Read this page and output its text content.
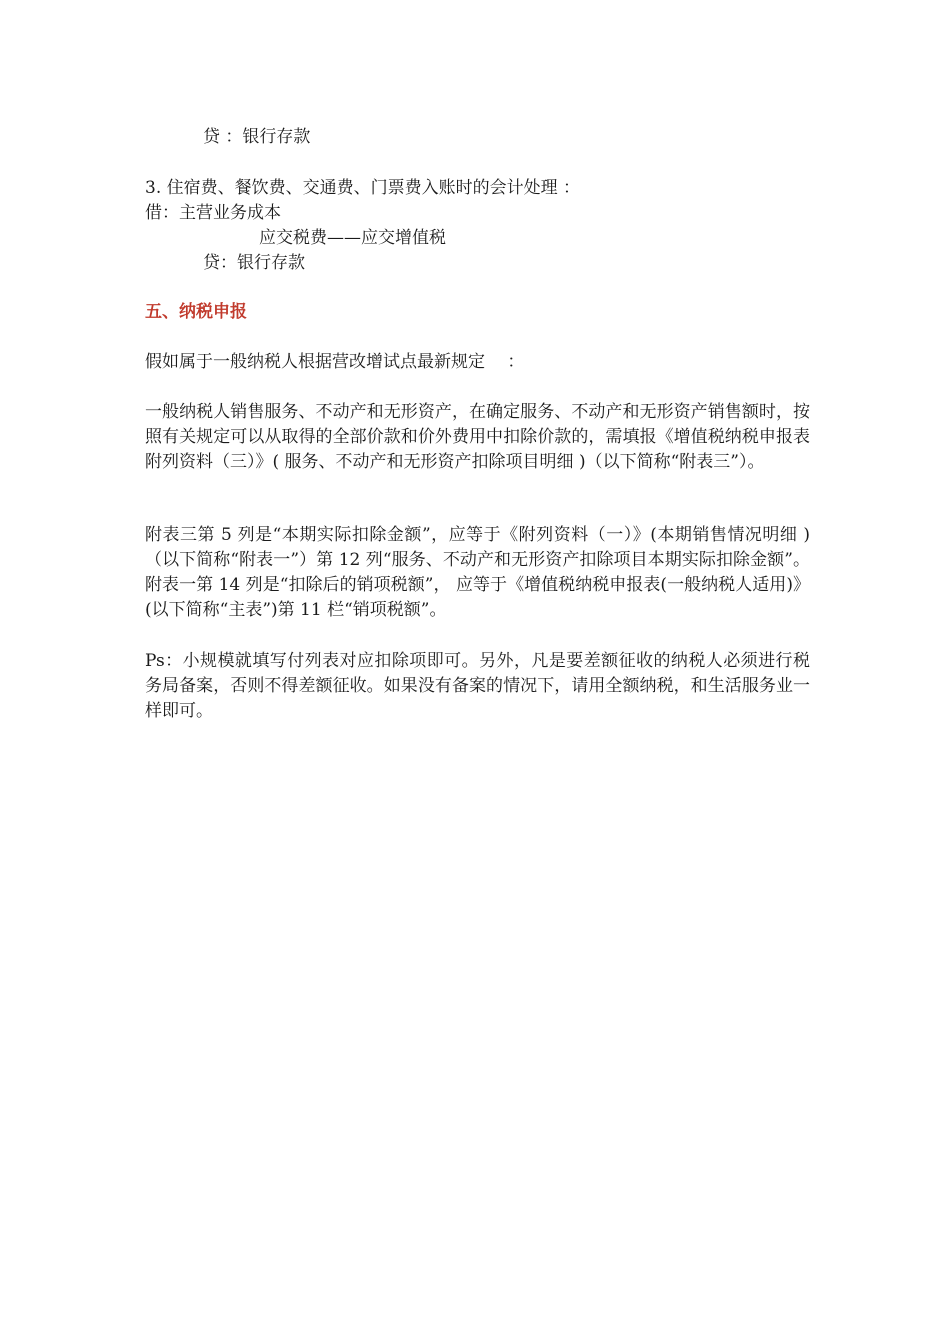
贷 ：银行存款
3. 住宿费、餐饮费、交通费、门票费入账时的会计处理 ：
借：主营业务成本
应交税费——应交增值税
贷：银行存款
五、纳税申报
假如属于一般纳税人根据营改增试点最新规定　 ：
一般纳税人销售服务、不动产和无形资产，在确定服务、不动产和无形资产销售额时，按照有关规定可以从取得的全部价款和价外费用中扣除价款的，需填报《增值税纳税申报表附列资料（三）》( 服务、不动产和无形资产扣除项目明细 )（以下简称“附表三”）。
附表三第 5 列是“本期实际扣除金额”，应等于《附列资料（一）》(本期销售情况明细 )（以下简称“附表一”）第 12 列“服务、不动产和无形资产扣除项目本期实际扣除金额”。附表一第 14 列是“扣除后的销项税额”， 应等于《增值税纳税申报表(一般纳税人适用)》(以下简称“主表”)第 11 栏“销项税额”。
Ps：小规模就填写付列表对应扣除项即可。另外，凡是要差额征收的纳税人必须进行税务局备案，否则不得差额征收。如果没有备案的情况下，请用全额纳税，和生活服务业一样即可。
